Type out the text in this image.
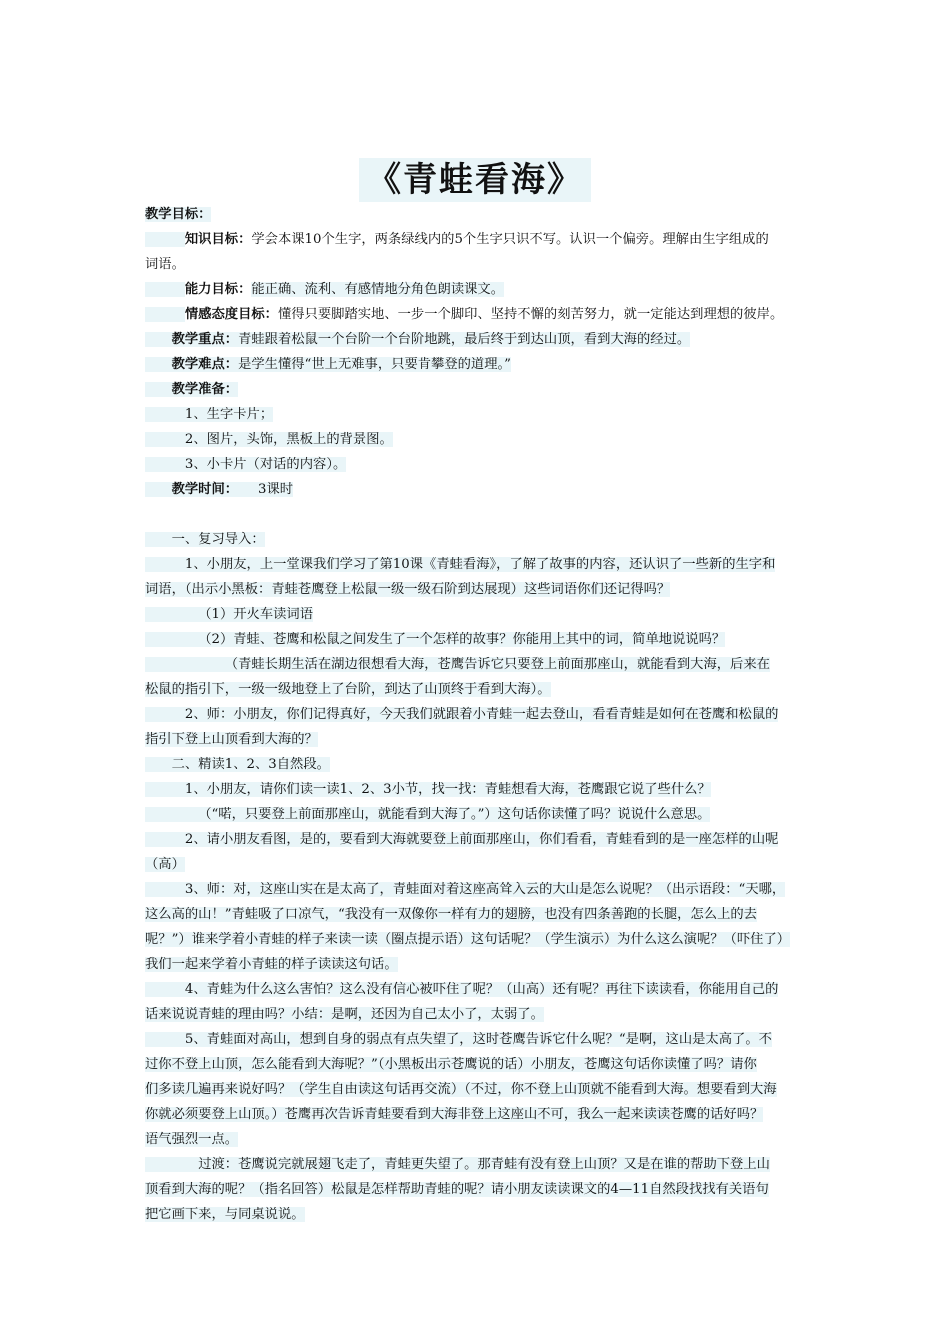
《青蛙看海》
教学目标：
   知识目标：学会本课10个生字，两条绿线内的5个生字只识不写。认识一个偏旁。理解由生字组成的
词语。
   能力目标：能正确、流利、有感情地分角色朗读课文。
   情感态度目标：懂得只要脚踏实地、一步一个脚印、坚持不懈的刻苦努力，就一定能达到理想的彼岸。
  教学重点：青蛙跟着松鼠一个台阶一个台阶地跳，最后终于到达山顶，看到大海的经过。
  教学难点：是学生懂得“世上无难事，只要肯攀登的道理。”
  教学准备：
   1、生字卡片；
   2、图片，头饰，黑板上的背景图。
   3、小卡片（对话的内容）。
  教学时间：   3课时
  一、复习导入：
   1、小朋友，上一堂课我们学习了第10课《青蛙看海》，了解了故事的内容，还认识了一些新的生字和
词语，（出示小黑板：青蛙苍鹰登上松鼠一级一级石阶到达展现）这些词语你们还记得吗？
    （1）开火车读词语
    （2）青蛙、苍鹰和松鼠之间发生了一个怎样的故事？你能用上其中的词，简单地说说吗？
      （青蛙长期生活在湖边很想看大海，苍鹰告诉它只要登上前面那座山，就能看到大海，后来在
松鼠的指引下，一级一级地登上了台阶，到达了山顶终于看到大海）。
   2、师：小朋友，你们记得真好，今天我们就跟着小青蛙一起去登山，看看青蛙是如何在苍鹰和松鼠的
指引下登上山顶看到大海的？
  二、精读1、2、3自然段。
   1、小朋友，请你们读一读1、2、3小节，找一找：青蛙想看大海，苍鹰跟它说了些什么？
    （“喏，只要登上前面那座山，就能看到大海了。”）这句话你读懂了吗？说说什么意思。
   2、请小朋友看图，是的，要看到大海就要登上前面那座山，你们看看，青蛙看到的是一座怎样的山呢
（高）
   3、师：对，这座山实在是太高了，青蛙面对着这座高耸入云的大山是怎么说呢？（出示语段：“天哪，
这么高的山！”青蛙吸了口凉气，“我没有一双像你一样有力的翅膀，也没有四条善跑的长腿，怎么上的去
呢？”）谁来学着小青蛙的样子来读一读（圈点提示语）这句话呢？（学生演示）为什么这么演呢？（吓住了）
我们一起来学着小青蛙的样子读读这句话。
   4、青蛙为什么这么害怕？这么没有信心被吓住了呢？（山高）还有呢？再往下读读看，你能用自己的
话来说说青蛙的理由吗？小结：是啊，还因为自己太小了，太弱了。
   5、青蛙面对高山，想到自身的弱点有点失望了，这时苍鹰告诉它什么呢？“是啊，这山是太高了。不
过你不登上山顶，怎么能看到大海呢？”（小黑板出示苍鹰说的话）小朋友，苍鹰这句话你读懂了吗？请你
们多读几遍再来说好吗？（学生自由读这句话再交流）（不过，你不登上山顶就不能看到大海。想要看到大海
你就必须要登上山顶。）苍鹰再次告诉青蛙要看到大海非登上这座山不可，我么一起来读读苍鹰的话好吗？
语气强烈一点。
    过渡：苍鹰说完就展翅飞走了，青蛙更失望了。那青蛙有没有登上山顶？又是在谁的帮助下登上山
顶看到大海的呢？（指名回答）松鼠是怎样帮助青蛙的呢？请小朋友读读课文的4—11自然段找找有关语句
把它画下来，与同桌说说。
